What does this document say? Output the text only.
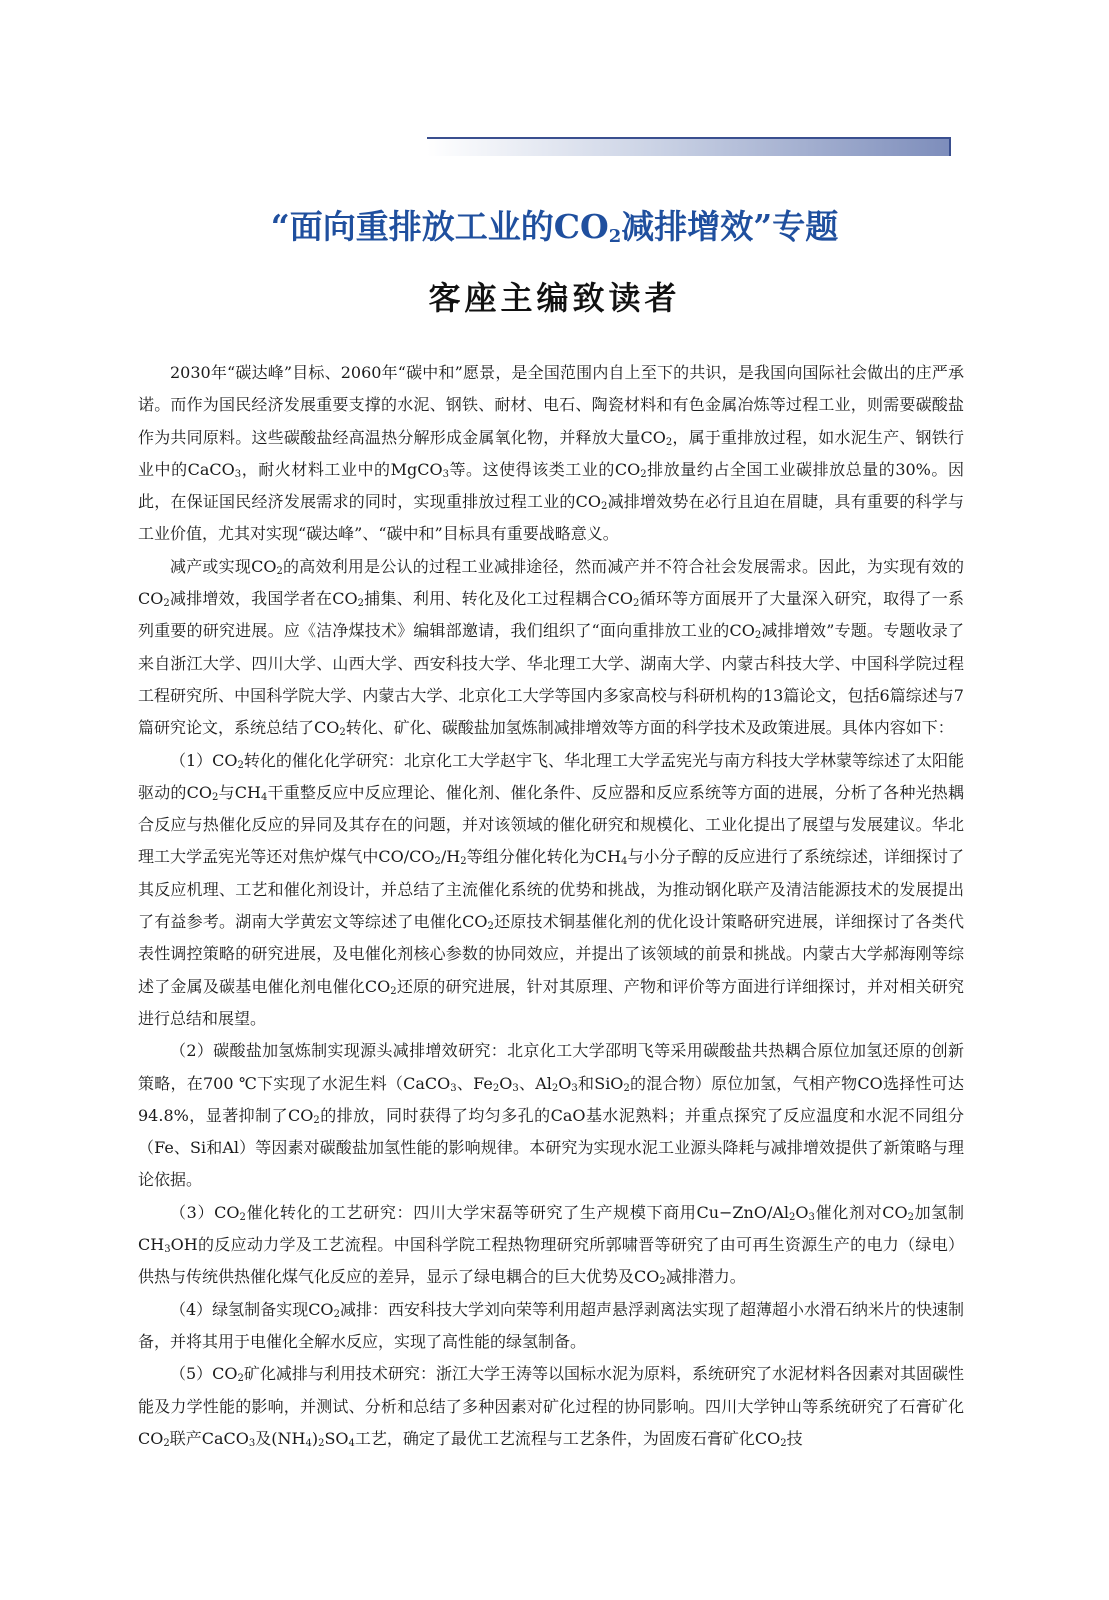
“面向重排放工业的$CO_2$减排增效”专题
客座主编致读者

2030年“碳达峰”目标、2060年“碳中和”愿景，是全国范围内自上至下的共识，是我国向国际社会做出的庄严承诺。而作为国民经济发展重要支撑的水泥、钢铁、耐材、电石、陶瓷材料和有色金属冶炼等过程工业，则需要碳酸盐作为共同原料。这些碳酸盐经高温热分解形成金属氧化物，并释放大量$CO_2$，属于重排放过程，如水泥生产、钢铁行业中的CaCO$_3$，耐火材料工业中的MgCO$_3$等。这使得该类工业的$CO_2$排放量约占全国工业碳排放总量的30%。因此，在保证国民经济发展需求的同时，实现重排放过程工业的$CO_2$减排增效势在必行且迫在眉睫，具有重要的科学与工业价值，尤其对实现“碳达峰”、“碳中和”目标具有重要战略意义。

减产或实现$CO_2$的高效利用是公认的过程工业减排途径，然而减产并不符合社会发展需求。因此，为实现有效的$CO_2$减排增效，我国学者在$CO_2$捕集、利用、转化及化工过程耦合$CO_2$循环等方面展开了大量深入研究，取得了一系列重要的研究进展。应《洁净煤技术》编辑部邀请，我们组织了“面向重排放工业的$CO_2$减排增效”专题。专题收录了来自浙江大学、四川大学、山西大学、西安科技大学、华北理工大学、湖南大学、内蒙古科技大学、中国科学院过程工程研究所、中国科学院大学、内蒙古大学、北京化工大学等国内多家高校与科研机构的13篇论文，包括6篇综述与7篇研究论文，系统总结了$CO_2$转化、矿化、碳酸盐加氢炼制减排增效等方面的科学技术及政策进展。具体内容如下：

$(1)CO_2$转化的催化化学研究：北京化工大学赵宇飞、华北理工大学孟宪光与南方科技大学林蒙等综述了太阳能驱动的$CO_2$与$CH_4$干重整反应中反应理论、催化剂、催化条件、反应器和反应系统等方面的进展，分析了各种光热耦合反应与热催化反应的异同及其存在的问题，并对该领域的催化研究和规模化、工业化提出了展望与发展建议。华北理工大学孟宪光等还对焦炉煤气中$CO/CO_2/H_2$等组分催化转化为$CH_4$与小分子醇的反应进行了系统综述，详细探讨了其反应机理、工艺和催化剂设计，并总结了主流催化系统的优势和挑战，为推动钢化联产及清洁能源技术的发展提出了有益参考。湖南大学黄宏文等综述了电催化$CO_2$还原技术铜基催化剂的优化设计策略研究进展，详细探讨了各类代表性调控策略的研究进展，及电催化剂核心参数的协同效应，并提出了该领域的前景和挑战。内蒙古大学郝海刚等综述了金属及碳基电催化剂电催化$CO_2$还原的研究进展，针对其原理、产物和评价等方面进行详细探讨，并对相关研究进行总结和展望。

（2）碳酸盐加氢炼制实现源头减排增效研究：北京化工大学邵明飞等采用碳酸盐共热耦合原位加氢还原的创新策略，在700 ℃下实现了水泥生料（CaCO$_3$、$Fe_2O_3$、$Al_2O_3$和SiO$_2$的混合物）原位加氢，气相产物CO选择性可达94.8%，显著抑制了$CO_2$的排放，同时获得了均匀多孔的CaO基水泥熟料；并重点探究了反应温度和水泥不同组分（Fe、Si和Al）等因素对碳酸盐加氢性能的影响规律。本研究为实现水泥工业源头降耗与减排增效提供了新策略与理论依据。

$(3)CO_2$催化转化的工艺研究：四川大学宋磊等研究了生产规模下商用$Cu-ZnO/Al_2O_3$催化剂对$CO_2$加氢制$CH_3OH$的反应动力学及工艺流程。中国科学院工程热物理研究所郭啸晋等研究了由可再生资源生产的电力（绿电）供热与传统供热催化煤气化反应的差异，显示了绿电耦合的巨大优势及$CO_2$减排潜力。

（4）绿氢制备实现$CO_2$减排：西安科技大学刘向荣等利用超声悬浮剥离法实现了超薄超小水滑石纳米片的快速制备，并将其用于电催化全解水反应，实现了高性能的绿氢制备。

$(5)CO_2$矿化减排与利用技术研究：浙江大学王涛等以国标水泥为原料，系统研究了水泥材料各因素对其固碳性能及力学性能的影响，并测试、分析和总结了多种因素对矿化过程的协同影响。四川大学钟山等系统研究了石膏矿化$CO_2$联产CaCO$_3$及$(NH_4)_2SO_4$工艺，确定了最优工艺流程与工艺条件，为固废石膏矿化$CO_2$技
